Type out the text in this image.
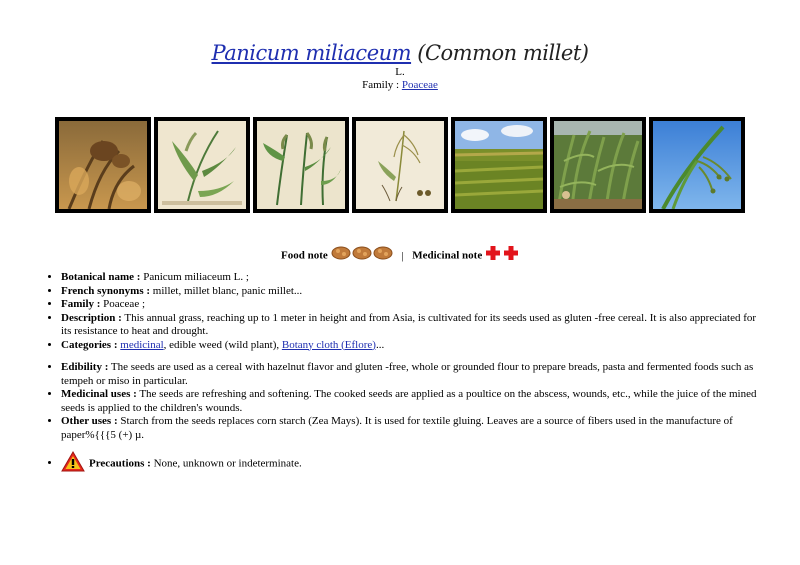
Panicum miliaceum (Common millet)
L.
Family : Poaceae
Food note	| Medicinal note
• Botanical name : Panicum miliaceum L. ;
• French synonyms : millet, millet blanc, panic millet...
• Family : Poaceae ;
• Description : This annual grass, reaching up to 1 meter in height and from Asia, is cultivated for its seeds used as gluten -free cereal. It is also appreciated for its resistance to heat and drought.
• Categories : medicinal, edible weed (wild plant), Botany cloth (Eflore)...
• Edibility : The seeds are used as a cereal with hazelnut flavor and gluten -free, whole or grounded flour to prepare breads, pasta and fermented foods such as tempeh or miso in particular.
• Medicinal uses : The seeds are refreshing and softening. The cooked seeds are applied as a poultice on the abscess, wounds, etc., while the juice of the mined seeds is applied to the children's wounds.
• Other uses : Starch from the seeds replaces corn starch (Zea Mays). It is used for textile gluing. Leaves are a source of fibers used in the manufacture of paper%{{{5 (+) µ.
• Precautions : None, unknown or indeterminate.
